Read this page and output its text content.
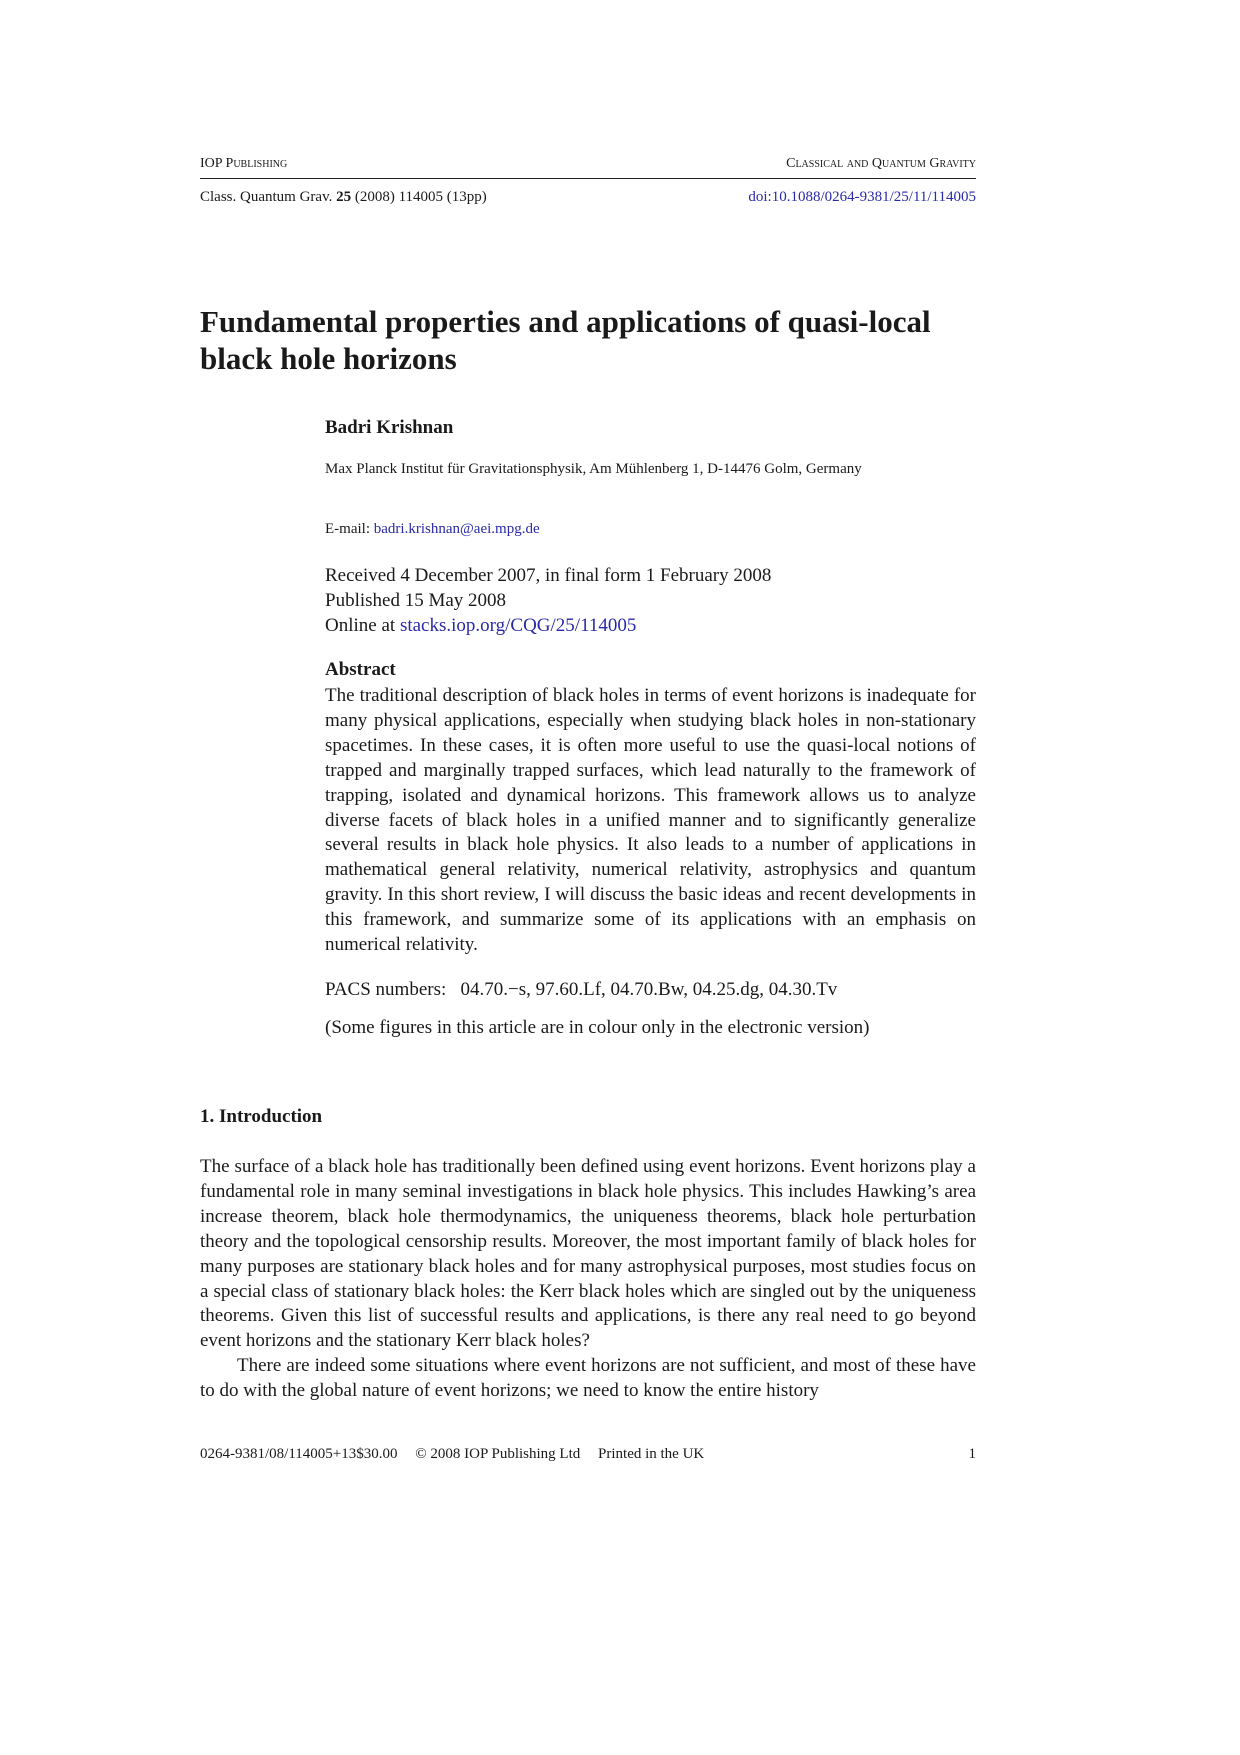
IOP Publishing	Classical and Quantum Gravity
Class. Quantum Grav. 25 (2008) 114005 (13pp)	doi:10.1088/0264-9381/25/11/114005
Fundamental properties and applications of quasi-local black hole horizons
Badri Krishnan
Max Planck Institut für Gravitationsphysik, Am Mühlenberg 1, D-14476 Golm, Germany
E-mail: badri.krishnan@aei.mpg.de
Received 4 December 2007, in final form 1 February 2008
Published 15 May 2008
Online at stacks.iop.org/CQG/25/114005
Abstract
The traditional description of black holes in terms of event horizons is inadequate for many physical applications, especially when studying black holes in non-stationary spacetimes. In these cases, it is often more useful to use the quasi-local notions of trapped and marginally trapped surfaces, which lead naturally to the framework of trapping, isolated and dynamical horizons. This framework allows us to analyze diverse facets of black holes in a unified manner and to significantly generalize several results in black hole physics. It also leads to a number of applications in mathematical general relativity, numerical relativity, astrophysics and quantum gravity. In this short review, I will discuss the basic ideas and recent developments in this framework, and summarize some of its applications with an emphasis on numerical relativity.
PACS numbers: 04.70.−s, 97.60.Lf, 04.70.Bw, 04.25.dg, 04.30.Tv
(Some figures in this article are in colour only in the electronic version)
1. Introduction

The surface of a black hole has traditionally been defined using event horizons. Event horizons play a fundamental role in many seminal investigations in black hole physics. This includes Hawking’s area increase theorem, black hole thermodynamics, the uniqueness theorems, black hole perturbation theory and the topological censorship results. Moreover, the most important family of black holes for many purposes are stationary black holes and for many astrophysical purposes, most studies focus on a special class of stationary black holes: the Kerr black holes which are singled out by the uniqueness theorems. Given this list of successful results and applications, is there any real need to go beyond event horizons and the stationary Kerr black holes?

There are indeed some situations where event horizons are not sufficient, and most of these have to do with the global nature of event horizons; we need to know the entire history

0264-9381/08/114005+13$30.00 © 2008 IOP Publishing Ltd Printed in the UK	1
